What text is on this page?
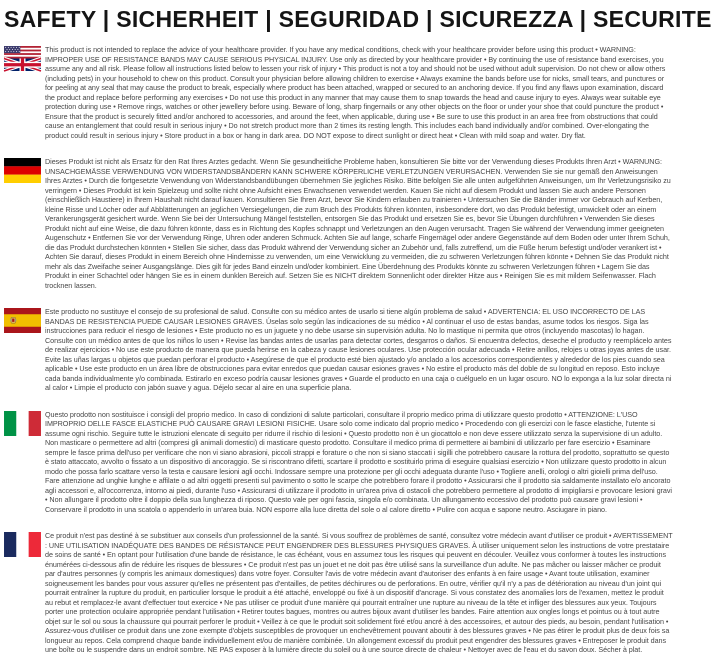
SAFETY | SICHERHEIT | SEGURIDAD | SICUREZZA | SECURITE
This product is not intended to replace the advice of your healthcare provider. If you have any medical conditions, check with your healthcare provider before using this product • WARNING: IMPROPER USE OF RESISTANCE BANDS MAY CAUSE SERIOUS PHYSICAL INJURY. Use only as directed by your healthcare provider • By continuing the use of resistance band exercises, you assume any and all risk. Please follow all instructions listed below to lessen your risk of injury • This product is not a toy and should not be used without adult supervision. Do not chew or allow others (including pets) in your household to chew on this product. Consult your physician before allowing children to exercise • Always examine the bands before use for nicks, small tears, and punctures or for peeling at any seal that may cause the product to break, especially where product has been attached, wrapped or secured to an anchoring device. If you find any flaws upon examination, discard the product and replace before performing any exercises • Do not use this product in any manner that may cause them to snap towards the head and cause injury to eyes. Always wear suitable eye protection during use • Remove rings, watches or other jewellery before using. Beware of long, sharp fingernails or any other objects on the floor or under your shoe that could puncture the product • Ensure that the product is securely fitted and/or anchored to accessories, and around the feet, when applicable, during use • Be sure to use this product in an area free from obstructions that could cause an entanglement that could result in serious injury • Do not stretch product more than 2 times its resting length. This includes each band individually and/or combined. Over-elongating the product could result in serious injury • Store product in a box or hang in dark area. DO NOT expose to direct sunlight or direct heat • Clean with mild soap and water. Dry flat.
Dieses Produkt ist nicht als Ersatz für den Rat Ihres Arztes gedacht. Wenn Sie gesundheitliche Probleme haben, konsultieren Sie bitte vor der Verwendung dieses Produkts Ihren Arzt • WARNUNG: UNSACHGEMÄSSE VERWENDUNG VON WIDERSTANDSBÄNDERN KANN SCHWERE KÖRPERLICHE VERLETZUNGEN VERURSACHEN. Verwenden Sie sie nur gemäß den Anweisungen Ihres Arztes • Durch die fortgesetzte Verwendung von Widerstandsbandübungen übernehmen Sie jegliches Risiko. Bitte befolgen Sie alle unten aufgeführten Anweisungen, um Ihr Verletzungsrisiko zu verringern • Dieses Produkt ist kein Spielzeug und sollte nicht ohne Aufsicht eines Erwachsenen verwendet werden. Kauen Sie nicht auf diesem Produkt und lassen Sie auch andere Personen (einschließlich Haustiere) in Ihrem Haushalt nicht darauf kauen. Konsultieren Sie Ihren Arzt, bevor Sie Kindern erlauben zu trainieren • Untersuchen Sie die Bänder immer vor Gebrauch auf Kerben, kleine Risse und Löcher oder auf Abblätterungen an jeglichen Versiegelungen, die zum Bruch des Produkts führen könnten, insbesondere dort, wo das Produkt befestigt, umwickelt oder an einem Verankerungsgerät gesichert wurde. Wenn Sie bei der Untersuchung Mängel feststellen, entsorgen Sie das Produkt und ersetzen Sie es, bevor Sie Übungen durchführen • Verwenden Sie dieses Produkt nicht auf eine Weise, die dazu führen könnte, dass es in Richtung des Kopfes schnappt und Verletzungen an den Augen verursacht. Tragen Sie während der Verwendung immer geeigneten Augenschutz • Entfernen Sie vor der Verwendung Ringe, Uhren oder anderen Schmuck. Achten Sie auf lange, scharfe Fingernägel oder andere Gegenstände auf dem Boden oder unter Ihrem Schuh, die das Produkt durchstechen könnten • Stellen Sie sicher, dass das Produkt während der Verwendung sicher an Zubehör und, falls zutreffend, um die Füße herum befestigt und/oder verankert ist • Achten Sie darauf, dieses Produkt in einem Bereich ohne Hindernisse zu verwenden, um eine Verwicklung zu vermeiden, die zu schweren Verletzungen führen könnte • Dehnen Sie das Produkt nicht mehr als das Zweifache seiner Ausgangslänge. Dies gilt für jedes Band einzeln und/oder kombiniert. Eine Überdehnung des Produkts könnte zu schweren Verletzungen führen • Lagern Sie das Produkt in einer Schachtel oder hängen Sie es in einem dunklen Bereich auf. Setzen Sie es NICHT direktem Sonnenlicht oder direkter Hitze aus • Reinigen Sie es mit mildem Seifenwasser. Flach trocknen lassen.
Este producto no sustituye el consejo de su profesional de salud. Consulte con su médico antes de usarlo si tiene algún problema de salud • ADVERTENCIA: EL USO INCORRECTO DE LAS BANDAS DE RESISTENCIA PUEDE CAUSAR LESIONES GRAVES. Úselas solo según las indicaciones de su médico • Al continuar el uso de estas bandas, asume todos los riesgos. Siga las instrucciones para reducir el riesgo de lesiones • Este producto no es un juguete y no debe usarse sin supervisión adulta. No lo mastique ni permita que otros (incluyendo mascotas) lo hagan. Consulte con un médico antes de que los niños lo usen • Revise las bandas antes de usarlas para detectar cortes, desgarros o daños. Si encuentra defectos, deseche el producto y reemplácelo antes de realizar ejercicios • No use este producto de manera que pueda herirse en la cabeza y cause lesiones oculares. Use protección ocular adecuada • Retire anillos, relojes u otras joyas antes de usar. Evite las uñas largas u objetos que puedan perforar el producto • Asegúrese de que el producto esté bien ajustado y/o anclado a los accesorios correspondientes y alrededor de los pies cuando sea aplicable • Use este producto en un área libre de obstrucciones para evitar enredos que puedan causar esiones graves • No estire el producto más del doble de su longitud en reposo. Esto incluye cada banda individualmente y/o combinada. Estirarlo en exceso podría causar lesiones graves • Guarde el producto en una caja o cuélguelo en un lugar oscuro. NO lo exponga a la luz solar directa ni al calor • Limpie el producto con jabón suave y agua. Déjelo secar al aire en una superficie plana.
Questo prodotto non sostituisce i consigli del proprio medico. In caso di condizioni di salute particolari, consultare il proprio medico prima di utilizzare questo prodotto • ATTENZIONE: L'USO IMPROPRIO DELLE FASCE ELASTICHE PUÒ CAUSARE GRAVI LESIONI FISICHE. Usare solo come indicato dal proprio medico • Procedendo con gli esercizi con le fasce elastiche, l'utente si assume ogni rischio. Seguire tutte le istruzioni elencate di seguito per ridurre il rischio di lesioni • Questo prodotto non è un giocattolo e non deve essere utilizzato senza la supervisione di un adulto. Non masticare o permettere ad altri (compresi gli animali domestici) di masticare questo prodotto. Consultare il medico prima di permettere ai bambini di utilizzarlo per fare esercizio • Esaminare sempre le fasce prima dell'uso per verificare che non vi siano abrasioni, piccoli strappi e forature o che non si siano staccati i sigilli che potrebbero causare la rottura del prodotto, soprattutto se questo è stato attaccato, avvolto o fissato a un dispositivo di ancoraggio. Se si riscontrano difetti, scartare il prodotto e sostituirlo prima di eseguire qualsiasi esercizio • Non utilizzare questo prodotto in alcun modo che possa farlo scattare verso la testa e causare lesioni agli occhi. Indossare sempre una protezione per gli occhi adeguata durante l'uso • Togliere anelli, orologi o altri gioielli prima dell'uso. Fare attenzione ad unghie lunghe e affilate o ad altri oggetti presenti sul pavimento o sotto le scarpe che potrebbero forare il prodotto • Assicurarsi che il prodotto sia saldamente installato e/o ancorato agli accessori e, all'occorrenza, intorno ai piedi, durante l'uso • Assicurarsi di utilizzare il prodotto in un'area priva di ostacoli che potrebbero permettere al prodotto di impigliarsi e provocare lesioni gravi • Non allungare il prodotto oltre il doppio della sua lunghezza di riposo. Questo vale per ogni fascia, singola e/o combinata. Un allungamento eccessivo del prodotto può causare gravi lesioni • Conservare il prodotto in una scatola o appenderlo in un'area buia. NON esporre alla luce diretta del sole o al calore diretto • Pulire con acqua e sapone neutro. Asciugare in piano.
Ce produit n'est pas destiné à se substituer aux conseils d'un professionnel de la santé. Si vous souffrez de problèmes de santé, consultez votre médecin avant d'utiliser ce produit • AVERTISSEMENT : UNE UTILISATION INADÉQUATE DES BANDES DE RÉSISTANCE PEUT ENGENDRER DES BLESSURES PHYSIQUES GRAVES. À utiliser uniquement selon les instructions de votre prestataire de soins de santé • En optant pour l'utilisation d'une bande de résistance, le cas échéant, vous en assumez tous les risques qui peuvent en découler. Veuillez vous conformer à toutes les instructions énumérées ci-dessous afin de réduire les risques de blessures • Ce produit n'est pas un jouet et ne doit pas être utilisé sans la surveillance d'un adulte. Ne pas mâcher ou laisser mâcher ce produit par d'autres personnes (y compris les animaux domestiques) dans votre foyer. Consulter l'avis de votre médecin avant d'autoriser des enfants à en faire usage • Avant toute utilisation, examiner soigneusement les bandes pour vous assurer qu'elles ne présentent pas d'entailles, de petites déchirures ou de perforations. En outre, vérifier qu'il n'y a pas de détérioration au niveau d'un joint qui pourrait entraîner la rupture du produit, en particulier lorsque le produit a été attaché, enveloppé ou fixé à un dispositif d'ancrage. Si vous constatez des anomalies lors de l'examen, mettez le produit au rebut et remplacez-le avant d'effectuer tout exercice • Ne pas utiliser ce produit d'une manière qui pourrait entraîner une rupture au niveau de la tête et infliger des blessures aux yeux. Toujours porter une protection oculaire appropriée pendant l'utilisation • Retirer toutes bagues, montres ou autres bijoux avant d'utiliser les bandes. Faire attention aux ongles longs et pointus ou à tout autre objet sur le sol ou sous la chaussure qui pourrait perforer le produit • Veillez à ce que le produit soit solidement fixé et/ou ancré à des accessoires, et autour des pieds, au besoin, pendant l'utilisation • Assurez-vous d'utiliser ce produit dans une zone exempte d'objets susceptibles de provoquer un enchevêtrement pouvant aboutir à des blessures graves • Ne pas étirer le produit plus de deux fois sa longueur au repos. Cela comprend chaque bande individuellement et/ou de manière combinée. Un allongement excessif du produit peut engendrer des blessures graves • Entreposer le produit dans une boîte ou le suspendre dans un endroit sombre. NE PAS exposer à la lumière directe du soleil ou à une source directe de chaleur • Nettoyer avec de l'eau et du savon doux. Sécher à plat.
